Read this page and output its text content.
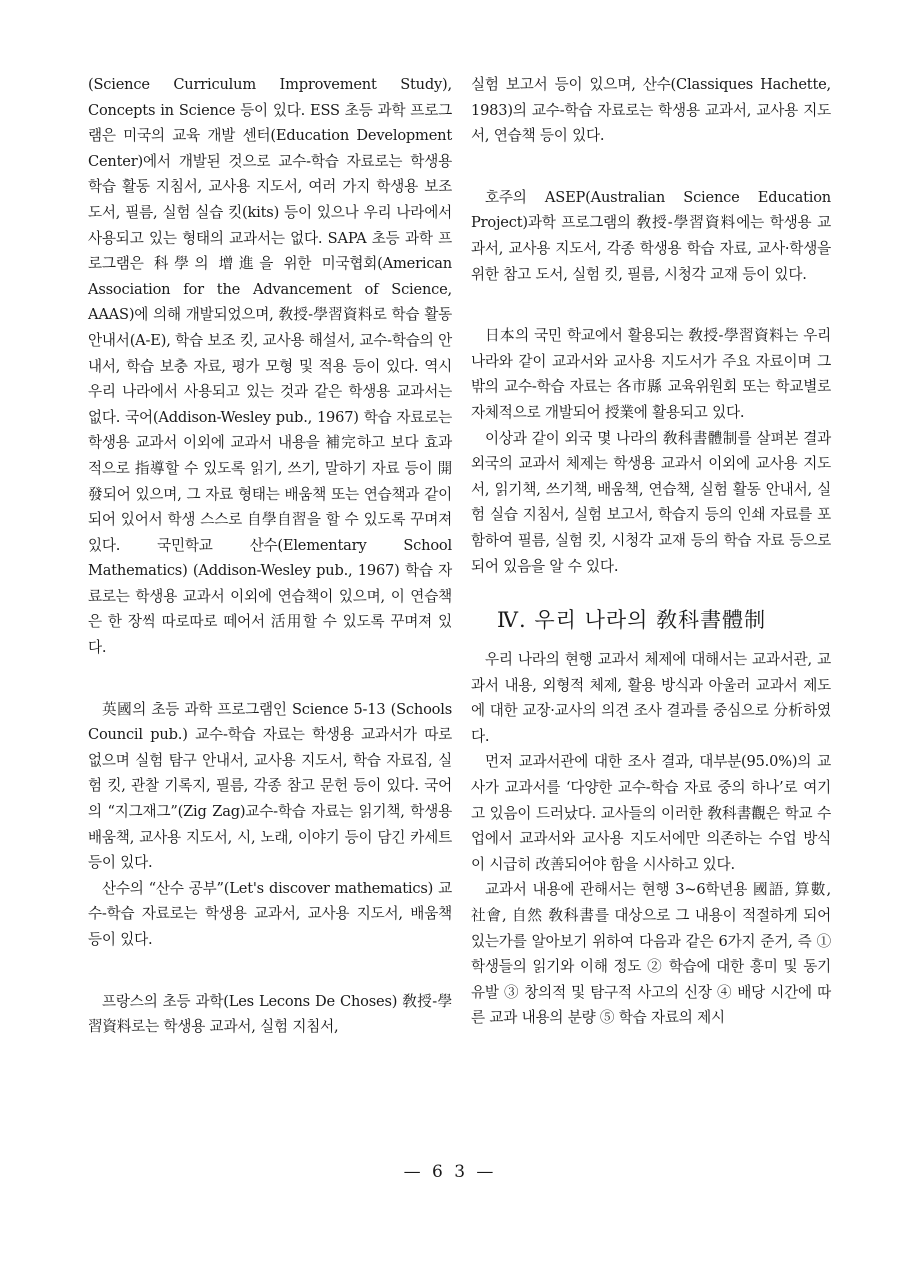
(Science Curriculum Improvement Study), Concepts in Science 등이 있다. ESS 초등 과학 프로그램은 미국의 교육 개발 센터(Education Development Center)에서 개발된 것으로 교수-학습 자료로는 학생용 학습 활동 지침서, 교사용 지도서, 여러 가지 학생용 보조 도서, 필름, 실험 실습 킷(kits) 등이 있으나 우리 나라에서 사용되고 있는 형태의 교과서는 없다. SAPA 초등 과학 프로그램은 科學의 增進을 위한 미국협회(American Association for the Advancement of Science, AAAS)에 의해 개발되었으며, 敎授-學習資料로 학습 활동 안내서(A-E), 학습 보조 킷, 교사용 해설서, 교수-학습의 안내서, 학습 보충 자료, 평가 모형 및 적용 등이 있다. 역시 우리 나라에서 사용되고 있는 것과 같은 학생용 교과서는 없다. 국어(Addison-Wesley pub., 1967) 학습 자료로는 학생용 교과서 이외에 교과서 내용을 補完하고 보다 효과적으로 指導할 수 있도록 읽기, 쓰기, 말하기 자료 등이 開發되어 있으며, 그 자료 형태는 배움책 또는 연습책과 같이 되어 있어서 학생 스스로 自學自習을 할 수 있도록 꾸며져 있다. 국민학교 산수(Elementary School Mathematics) (Addison-Wesley pub., 1967) 학습 자료로는 학생용 교과서 이외에 연습책이 있으며, 이 연습책은 한 장씩 따로따로 떼어서 活用할 수 있도록 꾸며져 있다.

英國의 초등 과학 프로그램인 Science 5-13 (Schools Council pub.) 교수-학습 자료는 학생용 교과서가 따로 없으며 실험 탐구 안내서, 교사용 지도서, 학습 자료집, 실험 킷, 관찰 기록지, 필름, 각종 참고 문헌 등이 있다. 국어의 “지그재그”(Zig Zag)교수-학습 자료는 읽기책, 학생용 배움책, 교사용 지도서, 시, 노래, 이야기 등이 담긴 카세트 등이 있다.

산수의 “산수 공부”(Let's discover mathematics) 교수-학습 자료로는 학생용 교과서, 교사용 지도서, 배움책 등이 있다.

프랑스의 초등 과학(Les Lecons De Choses) 敎授-學習資料로는 학생용 교과서, 실험 지침서,

실험 보고서 등이 있으며, 산수(Classiques Hachette, 1983)의 교수-학습 자료로는 학생용 교과서, 교사용 지도서, 연습책 등이 있다.

호주의 ASEP(Australian Science Education Project)과학 프로그램의 敎授-學習資料에는 학생용 교과서, 교사용 지도서, 각종 학생용 학습 자료, 교사·학생을 위한 참고 도서, 실험 킷, 필름, 시청각 교재 등이 있다.

日本의 국민 학교에서 활용되는 敎授-學習資料는 우리 나라와 같이 교과서와 교사용 지도서가 주요 자료이며 그 밖의 교수-학습 자료는 各市縣 교육위원회 또는 학교별로 자체적으로 개발되어 授業에 활용되고 있다.

이상과 같이 외국 몇 나라의 敎科書體制를 살펴본 결과 외국의 교과서 체제는 학생용 교과서 이외에 교사용 지도서, 읽기책, 쓰기책, 배움책, 연습책, 실험 활동 안내서, 실험 실습 지침서, 실험 보고서, 학습지 등의 인쇄 자료를 포함하여 필름, 실험 킷, 시청각 교재 등의 학습 자료 등으로 되어 있음을 알 수 있다.

Ⅳ. 우리 나라의 敎科書體制

우리 나라의 현행 교과서 체제에 대해서는 교과서관, 교과서 내용, 외형적 체제, 활용 방식과 아울러 교과서 제도에 대한 교장·교사의 의견 조사 결과를 중심으로 分析하였다.

먼저 교과서관에 대한 조사 결과, 대부분(95.0%)의 교사가 교과서를 ‘다양한 교수-학습 자료 중의 하나’로 여기고 있음이 드러났다. 교사들의 이러한 敎科書觀은 학교 수업에서 교과서와 교사용 지도서에만 의존하는 수업 방식이 시급히 改善되어야 함을 시사하고 있다.

교과서 내용에 관해서는 현행 3~6학년용 國語, 算數, 社會, 自然 敎科書를 대상으로 그 내용이 적절하게 되어 있는가를 알아보기 위하여 다음과 같은 6가지 준거, 즉 ① 학생들의 읽기와 이해 정도 ② 학습에 대한 흥미 및 동기 유발 ③ 창의적 및 탐구적 사고의 신장 ④ 배당 시간에 따른 교과 내용의 분량 ⑤ 학습 자료의 제시

— 6 3 —
